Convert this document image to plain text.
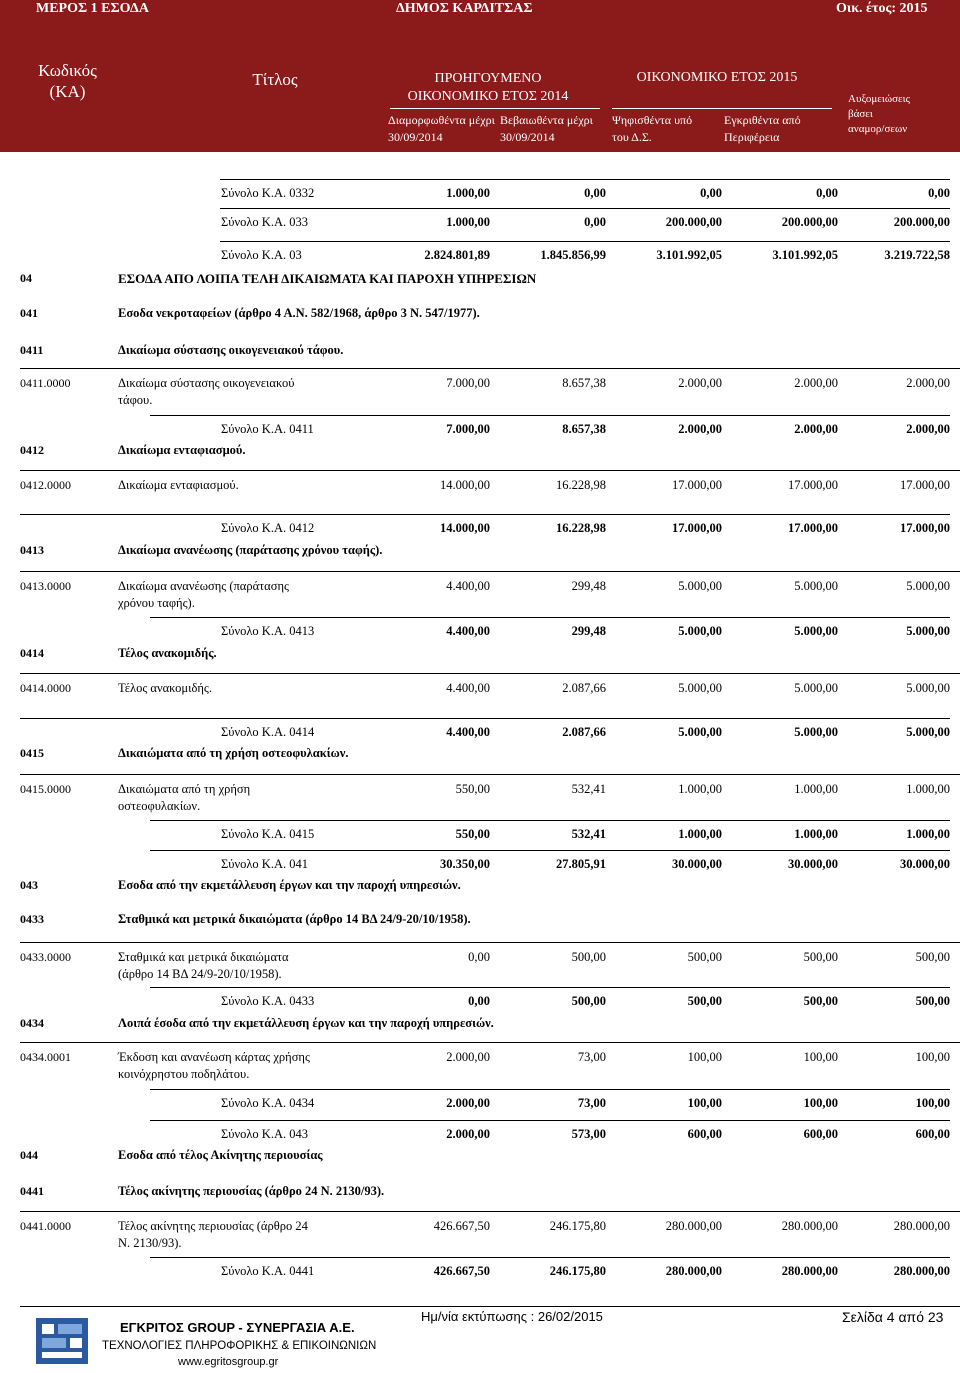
ΜΕΡΟΣ 1 ΕΣΟΔΑ	ΔΗΜΟΣ ΚΑΡΔΙΤΣΑΣ	Οικ. έτος: 2015
Κωδικός
(ΚΑ)
Τίτλος	ΠΡΟΗΓΟΥΜΕΝΟ
ΟΙΚΟΝΟΜΙΚΟ ΕΤΟΣ 2014
Διαμορφωθέντα μέχρι
30/09/2014
Βεβαιωθέντα μέχρι
30/09/2014
ΟΙΚΟΝΟΜΙΚΟ ΕΤΟΣ 2015
Ψηφισθέντα υπό
του Δ.Σ.
Εγκριθέντα από
Περιφέρεια
Αυξομειώσεις
βάσει
αναμορ/σεων
Σύνολο Κ.Α. 0332	1.000,00	0,00	0,00	0,00	0,00
Σύνολο Κ.Α. 033	1.000,00	0,00	200.000,00	200.000,00	200.000,00
Σύνολο Κ.Α. 03	2.824.801,89	1.845.856,99	3.101.992,05	3.101.992,05	3.219.722,58
04	ΕΣΟΔΑ ΑΠΟ ΛΟΙΠΑ ΤΕΛΗ ΔΙΚΑΙΩΜΑΤΑ ΚΑΙ ΠΑΡΟΧΗ ΥΠΗΡΕΣΙΩΝ
041	Εσοδα νεκροταφείων (άρθρο 4 Α.Ν. 582/1968, άρθρο 3 Ν. 547/1977).
0411	Δικαίωμα σύστασης οικογενειακού τάφου.
0411.0000	Δικαίωμα σύστασης οικογενειακού
τάφου.
7.000,00	8.657,38	2.000,00	2.000,00	2.000,00
Σύνολο Κ.Α. 0411	7.000,00	8.657,38	2.000,00	2.000,00	2.000,00
0412	Δικαίωμα ενταφιασμού.
0412.0000	Δικαίωμα ενταφιασμού.	14.000,00	16.228,98	17.000,00	17.000,00	17.000,00
Σύνολο Κ.Α. 0412	14.000,00	16.228,98	17.000,00	17.000,00	17.000,00
0413	Δικαίωμα ανανέωσης (παράτασης χρόνου ταφής).
0413.0000	Δικαίωμα ανανέωσης (παράτασης
χρόνου ταφής).
4.400,00	299,48	5.000,00	5.000,00	5.000,00
Σύνολο Κ.Α. 0413	4.400,00	299,48	5.000,00	5.000,00	5.000,00
0414	Τέλος ανακομιδής.
0414.0000	Τέλος ανακομιδής.	4.400,00	2.087,66	5.000,00	5.000,00	5.000,00
Σύνολο Κ.Α. 0414	4.400,00	2.087,66	5.000,00	5.000,00	5.000,00
0415	Δικαιώματα από τη χρήση οστεοφυλακίων.
0415.0000	Δικαιώματα από τη χρήση
οστεοφυλακίων.
550,00	532,41	1.000,00	1.000,00	1.000,00
Σύνολο Κ.Α. 0415	550,00	532,41	1.000,00	1.000,00	1.000,00
Σύνολο Κ.Α. 041	30.350,00	27.805,91	30.000,00	30.000,00	30.000,00
043	Εσοδα από την εκμετάλλευση έργων και την παροχή υπηρεσιών.
0433	Σταθμικά και μετρικά δικαιώματα (άρθρο 14 ΒΔ 24/9-20/10/1958).
0433.0000	Σταθμικά και μετρικά δικαιώματα
(άρθρο 14 ΒΔ 24/9-20/10/1958).
0,00	500,00	500,00	500,00	500,00
Σύνολο Κ.Α. 0433	0,00	500,00	500,00	500,00	500,00
0434	Λοιπά έσοδα από την εκμετάλλευση έργων και την παροχή υπηρεσιών.
0434.0001	Έκδοση και ανανέωση κάρτας χρήσης
κοινόχρηστου ποδηλάτου.
2.000,00	73,00	100,00	100,00	100,00
Σύνολο Κ.Α. 0434	2.000,00	73,00	100,00	100,00	100,00
Σύνολο Κ.Α. 043	2.000,00	573,00	600,00	600,00	600,00
044	Εσοδα από τέλος Ακίνητης περιουσίας
0441	Τέλος ακίνητης περιουσίας (άρθρο 24 Ν. 2130/93).
0441.0000	Τέλος ακίνητης περιουσίας (άρθρο 24
Ν. 2130/93).
426.667,50	246.175,80	280.000,00	280.000,00	280.000,00
Σύνολο Κ.Α. 0441	426.667,50	246.175,80	280.000,00	280.000,00	280.000,00
ΕΓΚΡΙΤΟΣ GROUP - ΣΥΝΕΡΓΑΣΙΑ Α.Ε.
ΤΕΧΝΟΛΟΓΙΕΣ ΠΛΗΡΟΦΟΡΙΚΗΣ & ΕΠΙΚΟΙΝΩΝΙΩΝ
www.egritosgroup.gr
Ημ/νία εκτύπωσης : 26/02/2015	Σελίδα 4 από 23
